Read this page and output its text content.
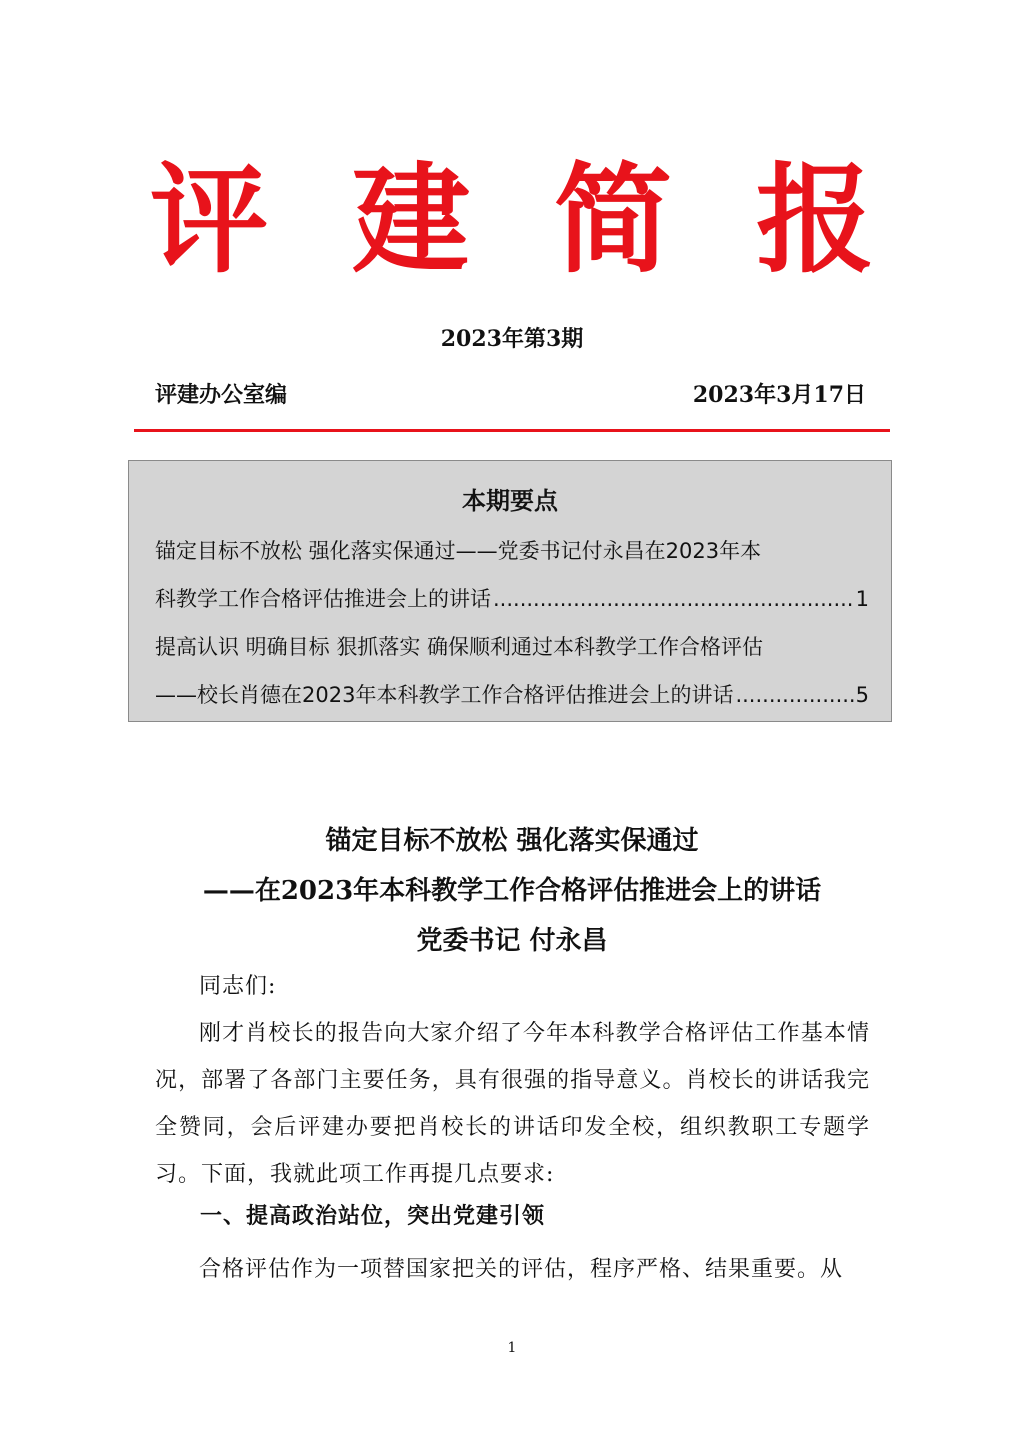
评 建 简 报
2023年第3期
评建办公室编	2023年3月17日
本期要点
锚定目标不放松 强化落实保通过——党委书记付永昌在2023年本
科教学工作合格评估推进会上的讲话 .....	1
提高认识 明确目标 狠抓落实 确保顺利通过本科教学工作合格评估
——校长肖德在2023年本科教学工作合格评估推进会上的讲话 .....	5
锚定目标不放松 强化落实保通过
——在2023年本科教学工作合格评估推进会上的讲话
党委书记 付永昌
同志们:
刚才肖校长的报告向大家介绍了今年本科教学合格评估工作基本情况，部署了各部门主要任务，具有很强的指导意义。肖校长的讲话我完全赞同，会后评建办要把肖校长的讲话印发全校，组织教职工专题学习。下面，我就此项工作再提几点要求:
一、提高政治站位，突出党建引领
合格评估作为一项替国家把关的评估，程序严格、结果重要。从
1
